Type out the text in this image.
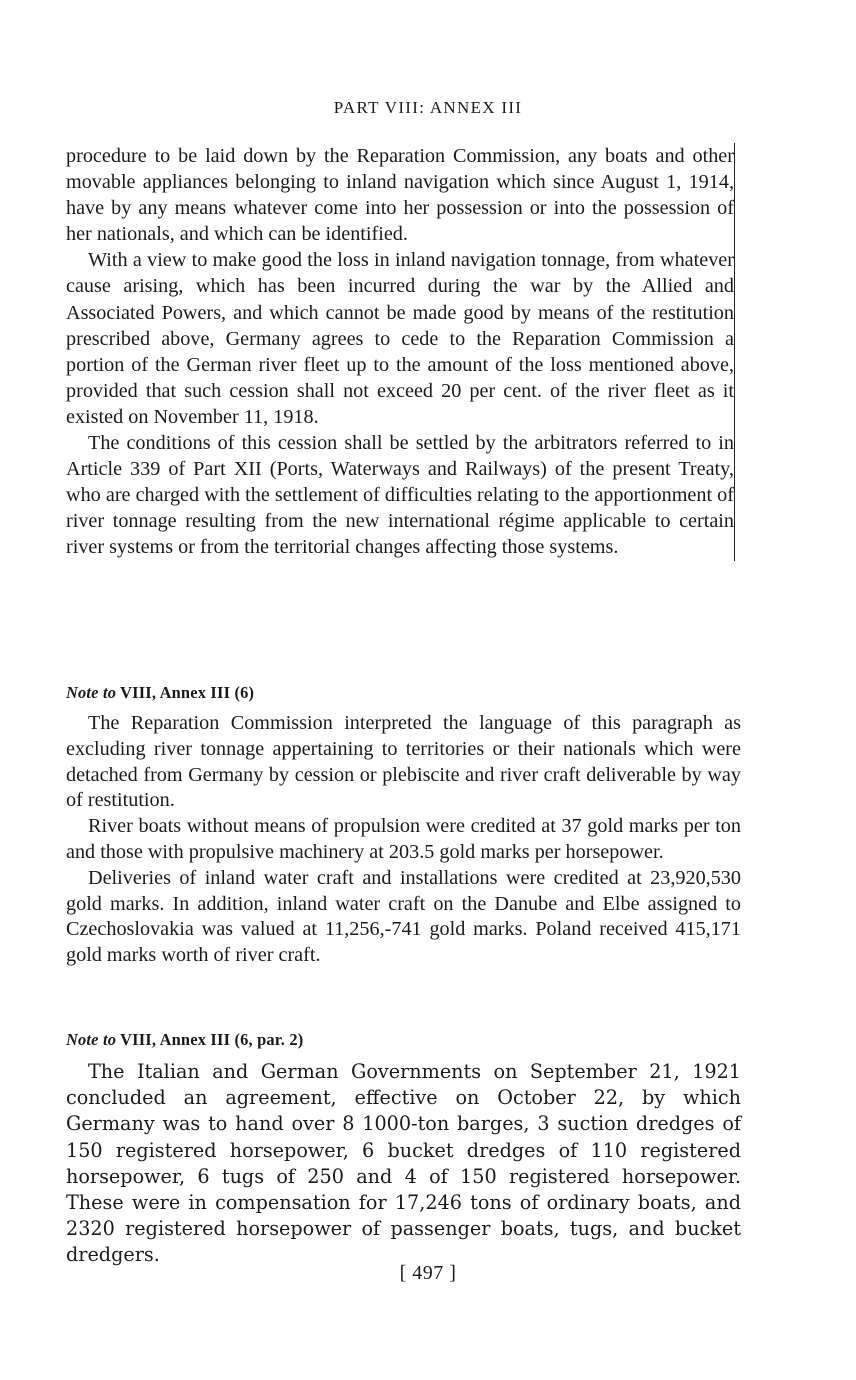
PART VIII: ANNEX III

procedure to be laid down by the Reparation Commission, any boats and other movable appliances belonging to inland navigation which since August 1, 1914, have by any means whatever come into her possession or into the possession of her nationals, and which can be identified.

With a view to make good the loss in inland navigation tonnage, from whatever cause arising, which has been incurred during the war by the Allied and Associated Powers, and which cannot be made good by means of the restitution prescribed above, Germany agrees to cede to the Reparation Commission a portion of the German river fleet up to the amount of the loss mentioned above, provided that such cession shall not exceed 20 per cent. of the river fleet as it existed on November 11, 1918.

The conditions of this cession shall be settled by the arbitrators referred to in Article 339 of Part XII (Ports, Waterways and Railways) of the present Treaty, who are charged with the settlement of difficulties relating to the apportionment of river tonnage resulting from the new international régime applicable to certain river systems or from the territorial changes affecting those systems.

Note to VIII, Annex III (6)

The Reparation Commission interpreted the language of this paragraph as excluding river tonnage appertaining to territories or their nationals which were detached from Germany by cession or plebiscite and river craft deliverable by way of restitution.

River boats without means of propulsion were credited at 37 gold marks per ton and those with propulsive machinery at 203.5 gold marks per horsepower.

Deliveries of inland water craft and installations were credited at 23,920,530 gold marks. In addition, inland water craft on the Danube and Elbe assigned to Czechoslovakia was valued at 11,256,-741 gold marks. Poland received 415,171 gold marks worth of river craft.

Note to VIII, Annex III (6, par. 2)

The Italian and German Governments on September 21, 1921 concluded an agreement, effective on October 22, by which Germany was to hand over 8 1000-ton barges, 3 suction dredges of 150 registered horsepower, 6 bucket dredges of 110 registered horsepower, 6 tugs of 250 and 4 of 150 registered horsepower. These were in compensation for 17,246 tons of ordinary boats, and 2320 registered horsepower of passenger boats, tugs, and bucket dredgers.

[ 497 ]
